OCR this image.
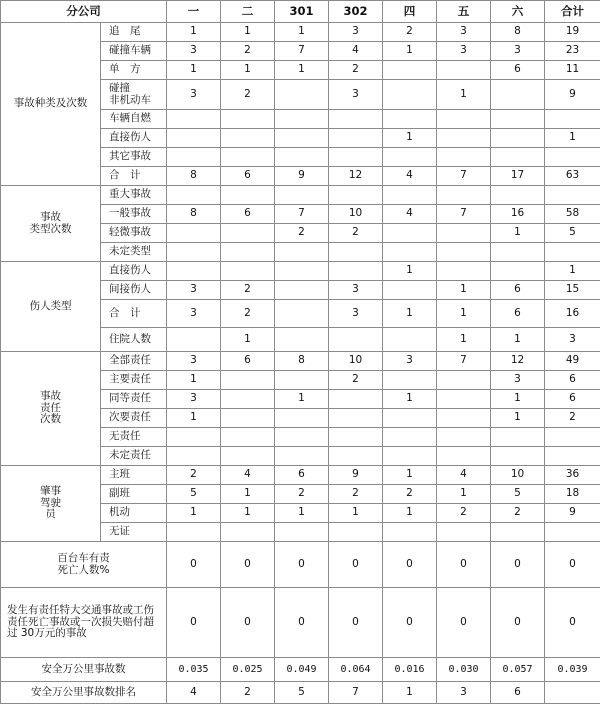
分公司		一	二	301	302	四	五	六	合计
事故种类及次数	追　尾	1	1	1	3	2	3	8	19
	碰撞车辆	3	2	7	4	1	3	3	23
	单　方	1	1	1	2			6	11
	碰撞
非机动车	3	2		3		1		9
	车辆自燃								
	直接伤人					1			1
	其它事故								
	合　计	8	6	9	12	4	7	17	63
事故
类型次数	重大事故								
	一般事故	8	6	7	10	4	7	16	58
	轻微事故			2	2			1	5
	未定类型								
伤人类型	直接伤人					1			1
	间接伤人	3	2		3		1	6	15
	合　计	3	2		3	1	1	6	16
	住院人数		1				1	1	3
事故
责任
次数	全部责任	3	6	8	10	3	7	12	49
	主要责任	1			2			3	6
	同等责任	3		1		1		1	6
	次要责任	1						1	2
	无责任								
	未定责任								
肇事
驾驶
员	主班	2	4	6	9	1	4	10	36
	副班	5	1	2	2	2	1	5	18
	机动	1	1	1	1	1	2	2	9
	无证								
百台车有责
死亡人数%		0	0	0	0	0	0	0	0
发生有责任特大交通事故或工伤责任死亡事故或一次损失赔付超过 30万元的事故		0	0	0	0	0	0	0	0
安全万公里事故数		0.035	0.025	0.049	0.064	0.016	0.030	0.057	0.039
安全万公里事故数排名		4	2	5	7	1	3	6	
